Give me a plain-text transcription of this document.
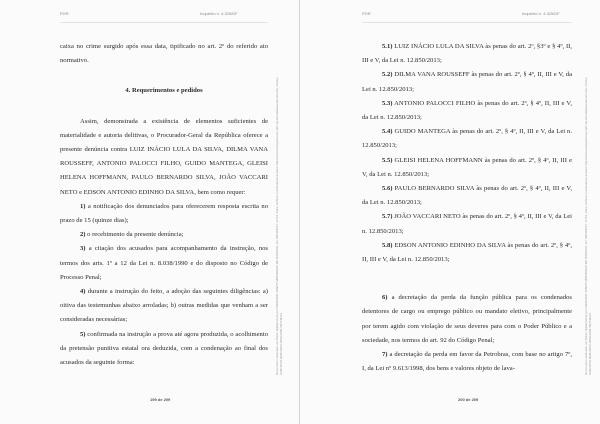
PGR	Inquérito n. 4.325/DF

caixa no crime surgido após essa data, tipificado no art. 2º do referido ato normativo.

4. Requerimentos e pedidos

Assim, demonstrada a existência de elementos suficientes de materialidade e autoria delitivas, o Procurador-Geral da República oferece a presente denúncia contra LUIZ INÁCIO LULA DA SILVA, DILMA VANA ROUSSEFF, ANTONIO PALOCCI FILHO, GUIDO MANTEGA, GLEISI HELENA HOFFMANN, PAULO BERNARDO SILVA, JOÃO VACCARI NETO e EDSON ANTONIO EDINHO DA SILVA, bem como requer:

1) a notificação dos denunciados para oferecerem resposta escrita no prazo de 15 (quinze dias);

2) o recebimento da presente denúncia;

3) a citação dos acusados para acompanhamento da instrução, nos termos dos arts. 1º a 12 da Lei n. 8.038/1990 e do disposto no Código de Processo Penal;

4) durante a instrução do feito, a adoção das seguintes diligências: a) oitiva das testemunhas abaixo arroladas; b) outras medidas que venham a ser consideradas necessárias;

5) confirmada na instrução a prova até agora produzida, o acolhimento da pretensão punitiva estatal ora deduzida, com a condenação ao final dos acusados da seguinte forma:

199 de 209
Documento assinado via Token digitalmente por RODRIGO JANOT MONTEIRO DE BARROS, em 05/09/2017 17:23. Para verificar a assinatura acesse http://www.transparencia.mpf.mp.br/validacaodocumento. Chave 0A6C1B79.6E8F2D34.1B0E4A52.3D7F9C21
PGR	Inquérito n. 4.325/DF

5.1) LUIZ INÁCIO LULA DA SILVA às penas do art. 2º, §3º e § 4º, II, III e V, da Lei n. 12.850/2013;

5.2) DILMA VANA ROUSSEFF às penas do art. 2º, § 4º, II, III e V, da Lei n. 12.850/2013;

5.3) ANTONIO PALOCCI FILHO às penas do art. 2º, § 4º, II, III e V, da Lei n. 12.850/2013;

5.4) GUIDO MANTEGA às penas do art. 2º, § 4º, II, III e V, da Lei n. 12.850/2013;

5.5) GLEISI HELENA HOFFMANN às penas do art. 2º, § 4º, II, III e V, da Lei n. 12.850/2013;

5.6) PAULO BERNARDO SILVA às penas do art. 2º, § 4º, II, III e V, da Lei n. 12.850/2013;

5.7) JOÃO VACCARI NETO às penas do art. 2º, § 4º, II, III e V, da Lei n. 12.850/2013;

5.8) EDSON ANTONIO EDINHO DA SILVA às penas do art. 2º, § 4º, II, III e V, da Lei n. 12.850/2013;

6) a decretação da perda da função pública para os condenados detentores de cargo ou emprego público ou mandato eletivo, principalmente por terem agido com violação de seus deveres para com o Poder Público e a sociedade, nos termos do art. 92 do Código Penal;

7) a decretação da perda em favor da Petrobras, com base no artigo 7º, I, da Lei nº 9.613/1998, dos bens e valores objeto de lava-

200 de 209
Documento assinado via Token digitalmente por RODRIGO JANOT MONTEIRO DE BARROS, em 05/09/2017 17:23. Para verificar a assinatura acesse http://www.transparencia.mpf.mp.br/validacaodocumento. Chave 0A6C1B79.6E8F2D34.1B0E4A52.3D7F9C21
